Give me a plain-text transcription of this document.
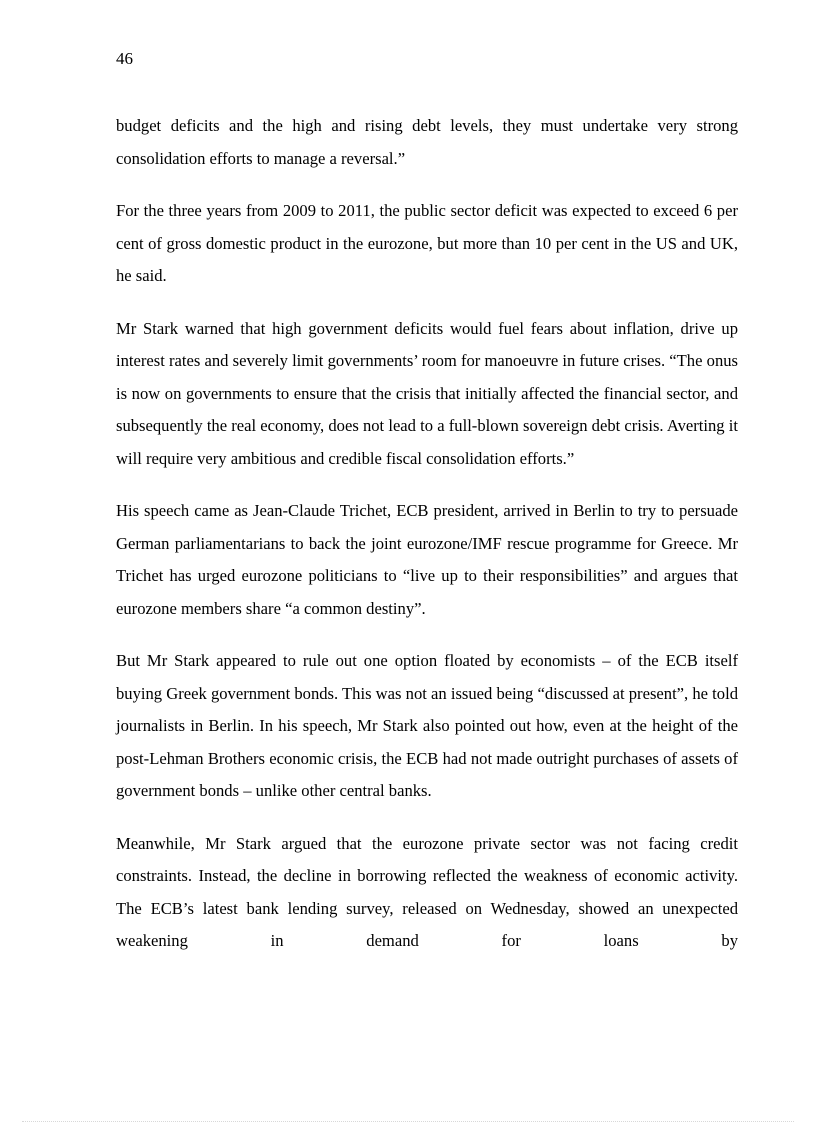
46

budget deficits and the high and rising debt levels, they must undertake very strong consolidation efforts to manage a reversal.”

For the three years from 2009 to 2011, the public sector deficit was expected to exceed 6 per cent of gross domestic product in the eurozone, but more than 10 per cent in the US and UK, he said.

Mr Stark warned that high government deficits would fuel fears about inflation, drive up interest rates and severely limit governments’ room for manoeuvre in future crises. “The onus is now on governments to ensure that the crisis that initially affected the financial sector, and subsequently the real economy, does not lead to a full-blown sovereign debt crisis. Averting it will require very ambitious and credible fiscal consolidation efforts.”

His speech came as Jean-Claude Trichet, ECB president, arrived in Berlin to try to persuade German parliamentarians to back the joint eurozone/IMF rescue programme for Greece. Mr Trichet has urged eurozone politicians to “live up to their responsibilities” and argues that eurozone members share “a common destiny”.

But Mr Stark appeared to rule out one option floated by economists – of the ECB itself buying Greek government bonds. This was not an issued being “discussed at present”, he told journalists in Berlin. In his speech, Mr Stark also pointed out how, even at the height of the post-Lehman Brothers economic crisis, the ECB had not made outright purchases of assets of government bonds – unlike other central banks.

Meanwhile, Mr Stark argued that the eurozone private sector was not facing credit constraints. Instead, the decline in borrowing reflected the weakness of economic activity. The ECB’s latest bank lending survey, released on Wednesday, showed an unexpected weakening in demand for loans by
